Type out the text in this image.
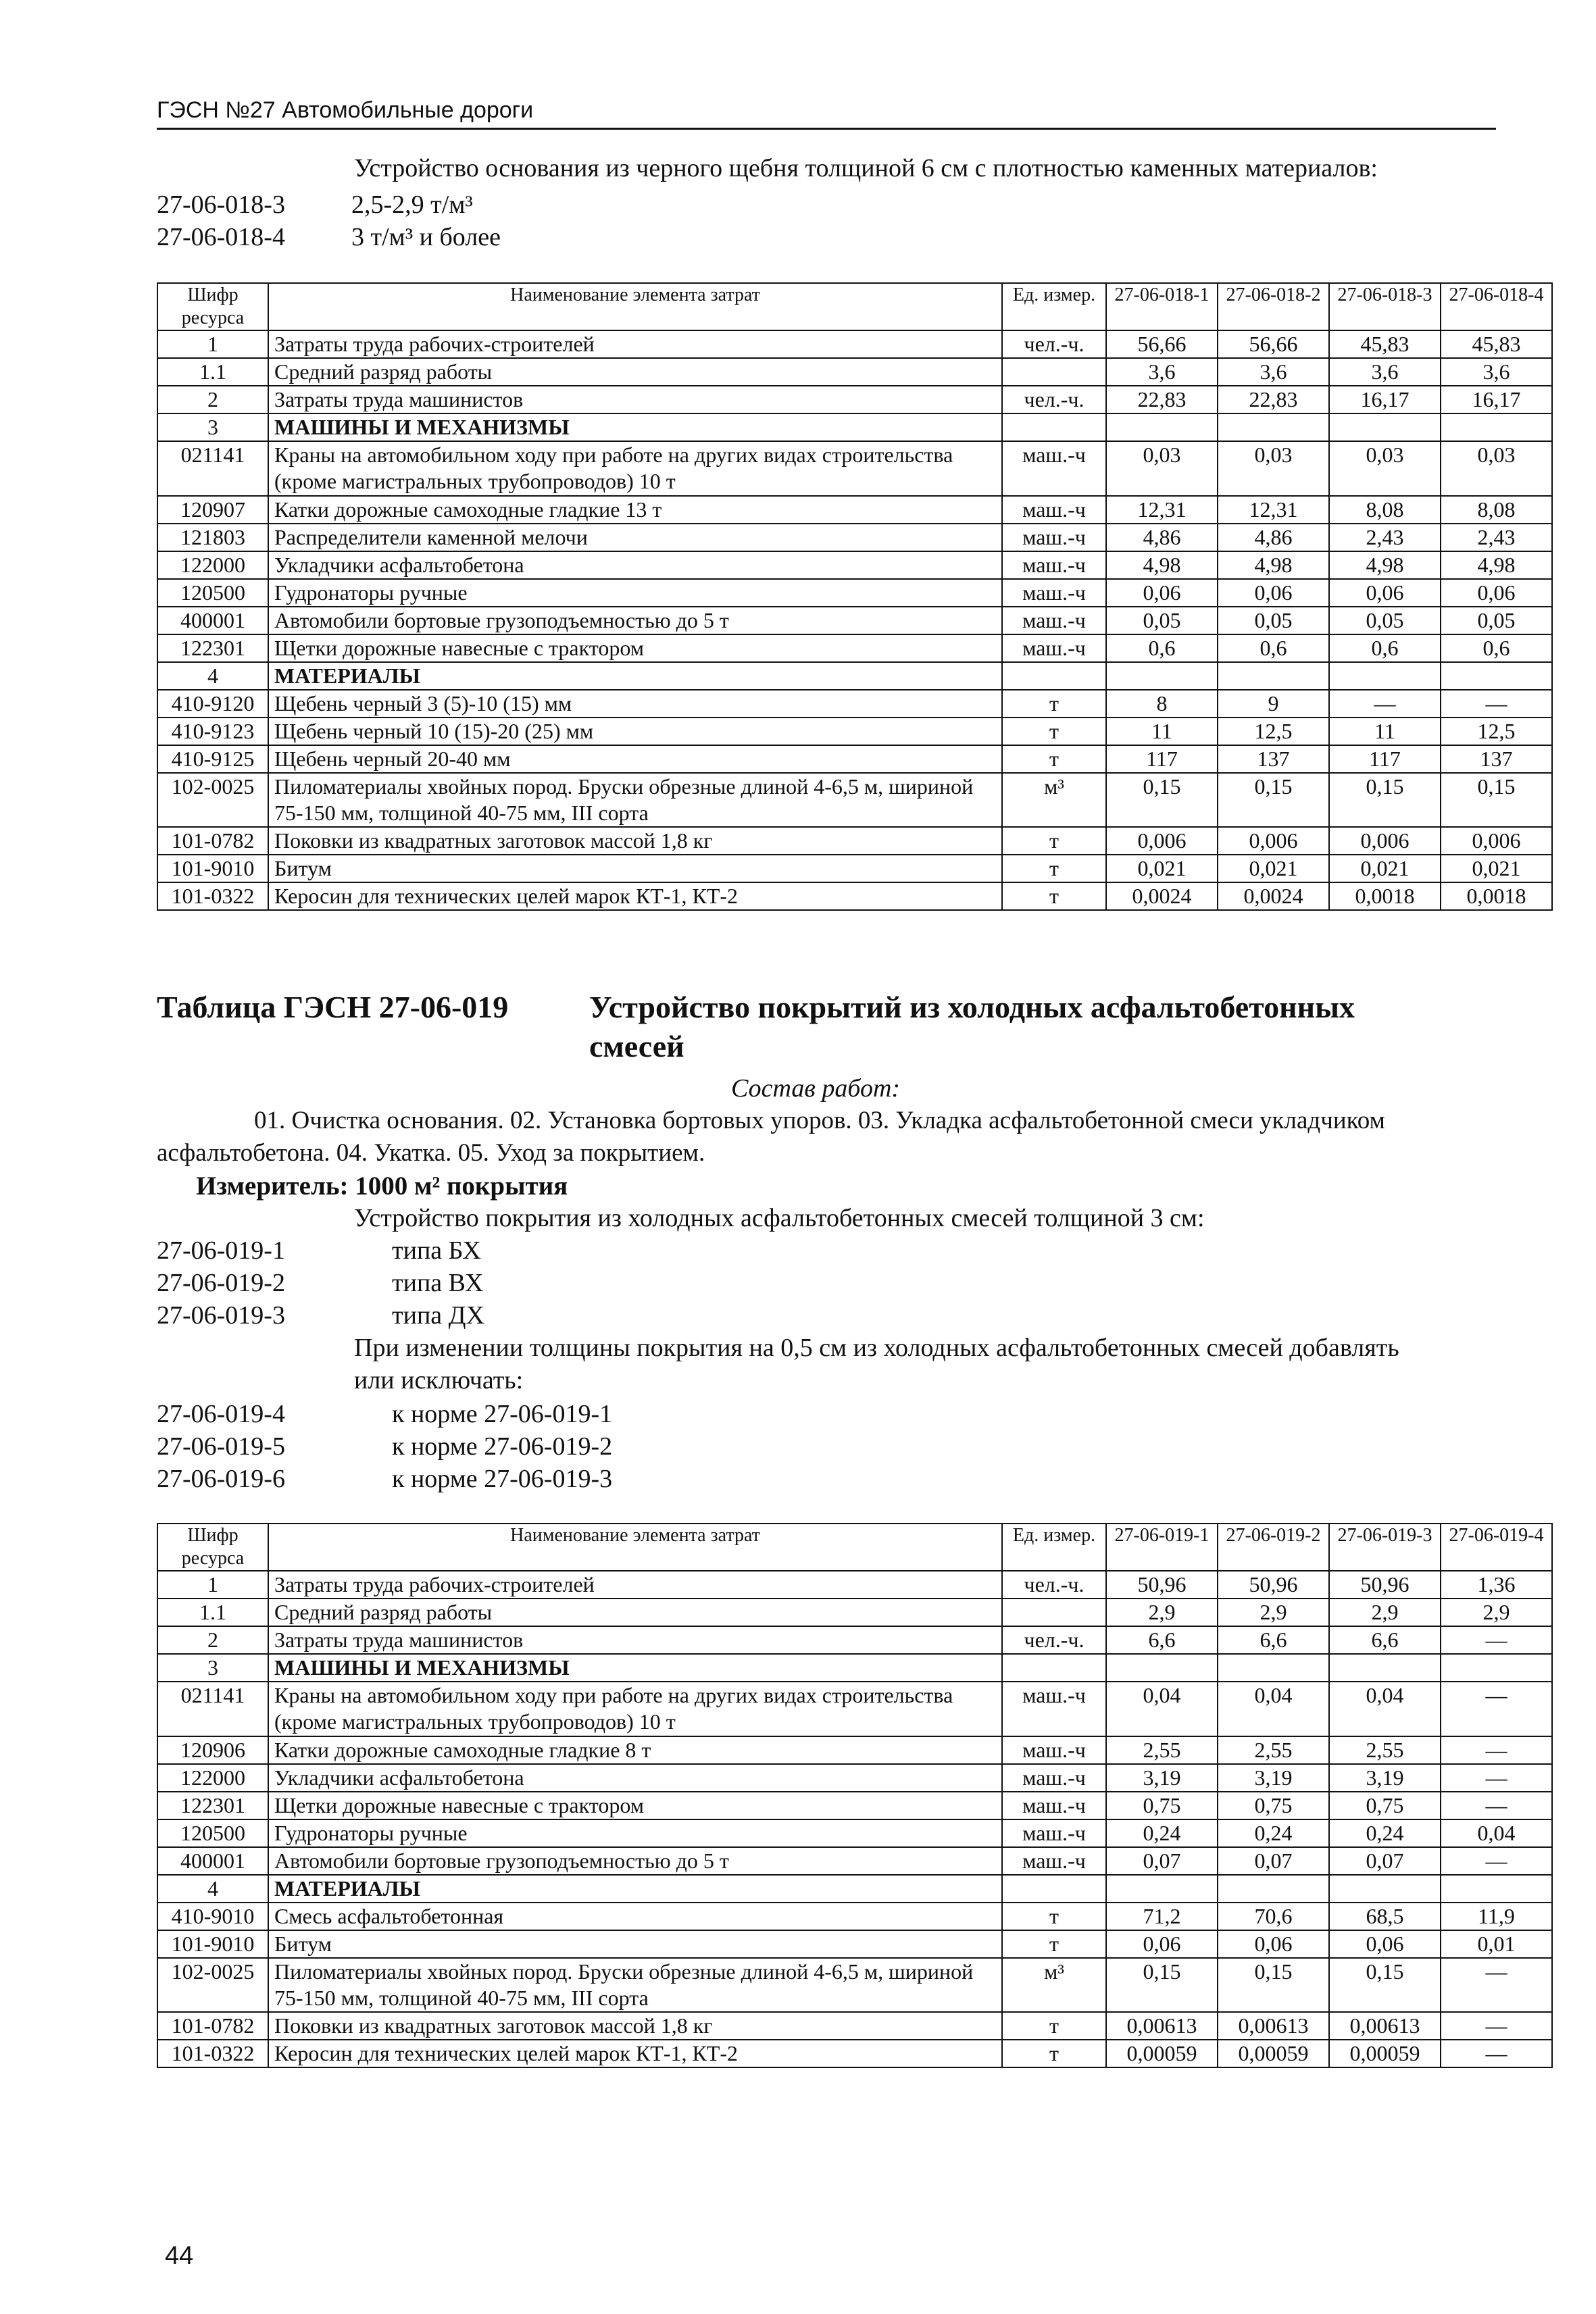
ГЭСН №27 Автомобильные дороги
Устройство основания из черного щебня толщиной 6 см с плотностью каменных материалов:
27-06-018-3	2,5-2,9 т/м³
27-06-018-4	3 т/м³ и более
Шифр ресурса	Наименование элемента затрат	Ед. измер.	27-06-018-1	27-06-018-2	27-06-018-3	27-06-018-4
1	Затраты труда рабочих-строителей	чел.-ч.	56,66	56,66	45,83	45,83
1.1	Средний разряд работы		3,6	3,6	3,6	3,6
2	Затраты труда машинистов	чел.-ч.	22,83	22,83	16,17	16,17
3	МАШИНЫ И МЕХАНИЗМЫ					
021141	Краны на автомобильном ходу при работе на других видах строительства (кроме магистральных трубопроводов) 10 т	маш.-ч	0,03	0,03	0,03	0,03
120907	Катки дорожные самоходные гладкие 13 т	маш.-ч	12,31	12,31	8,08	8,08
121803	Распределители каменной мелочи	маш.-ч	4,86	4,86	2,43	2,43
122000	Укладчики асфальтобетона	маш.-ч	4,98	4,98	4,98	4,98
120500	Гудронаторы ручные	маш.-ч	0,06	0,06	0,06	0,06
400001	Автомобили бортовые грузоподъемностью до 5 т	маш.-ч	0,05	0,05	0,05	0,05
122301	Щетки дорожные навесные с трактором	маш.-ч	0,6	0,6	0,6	0,6
4	МАТЕРИАЛЫ					
410-9120	Щебень черный 3 (5)-10 (15) мм	т	8	9	—	—
410-9123	Щебень черный 10 (15)-20 (25) мм	т	11	12,5	11	12,5
410-9125	Щебень черный 20-40 мм	т	117	137	117	137
102-0025	Пиломатериалы хвойных пород. Бруски обрезные длиной 4-6,5 м, шириной 75-150 мм, толщиной 40-75 мм, III сорта	м³	0,15	0,15	0,15	0,15
101-0782	Поковки из квадратных заготовок массой 1,8 кг	т	0,006	0,006	0,006	0,006
101-9010	Битум	т	0,021	0,021	0,021	0,021
101-0322	Керосин для технических целей марок КТ-1, КТ-2	т	0,0024	0,0024	0,0018	0,0018
Таблица ГЭСН 27-06-019	Устройство покрытий из холодных асфальтобетонных
смесей
Состав работ:
01. Очистка основания. 02. Установка бортовых упоров. 03. Укладка асфальтобетонной смеси укладчиком
асфальтобетона. 04. Укатка. 05. Уход за покрытием.
Измеритель: 1000 м² покрытия
Устройство покрытия из холодных асфальтобетонных смесей толщиной 3 см:
27-06-019-1	типа БХ
27-06-019-2	типа ВХ
27-06-019-3	типа ДХ
При изменении толщины покрытия на 0,5 см из холодных асфальтобетонных смесей добавлять
или исключать:
27-06-019-4	к норме 27-06-019-1
27-06-019-5	к норме 27-06-019-2
27-06-019-6	к норме 27-06-019-3
Шифр ресурса	Наименование элемента затрат	Ед. измер.	27-06-019-1	27-06-019-2	27-06-019-3	27-06-019-4
1	Затраты труда рабочих-строителей	чел.-ч.	50,96	50,96	50,96	1,36
1.1	Средний разряд работы		2,9	2,9	2,9	2,9
2	Затраты труда машинистов	чел.-ч.	6,6	6,6	6,6	—
3	МАШИНЫ И МЕХАНИЗМЫ					
021141	Краны на автомобильном ходу при работе на других видах строительства (кроме магистральных трубопроводов) 10 т	маш.-ч	0,04	0,04	0,04	—
120906	Катки дорожные самоходные гладкие 8 т	маш.-ч	2,55	2,55	2,55	—
122000	Укладчики асфальтобетона	маш.-ч	3,19	3,19	3,19	—
122301	Щетки дорожные навесные с трактором	маш.-ч	0,75	0,75	0,75	—
120500	Гудронаторы ручные	маш.-ч	0,24	0,24	0,24	0,04
400001	Автомобили бортовые грузоподъемностью до 5 т	маш.-ч	0,07	0,07	0,07	—
4	МАТЕРИАЛЫ					
410-9010	Смесь асфальтобетонная	т	71,2	70,6	68,5	11,9
101-9010	Битум	т	0,06	0,06	0,06	0,01
102-0025	Пиломатериалы хвойных пород. Бруски обрезные длиной 4-6,5 м, шириной 75-150 мм, толщиной 40-75 мм, III сорта	м³	0,15	0,15	0,15	—
101-0782	Поковки из квадратных заготовок массой 1,8 кг	т	0,00613	0,00613	0,00613	—
101-0322	Керосин для технических целей марок КТ-1, КТ-2	т	0,00059	0,00059	0,00059	—
44
